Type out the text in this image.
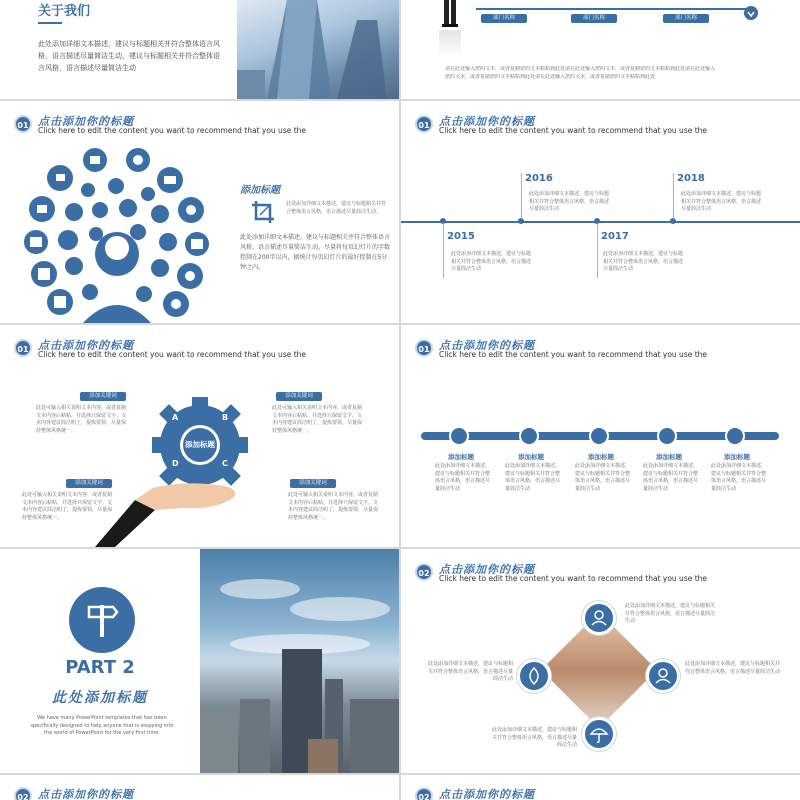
关于我们
此处添加详细文本描述，建议与标题相关并符合整体语言风格，语言描述尽量简洁生动，建议与标题相关并符合整体语言风格，语言描述尽量简洁生动
部门名称	部门名称	部门名称
请在此处输入您的文本，或者复制您的文本粘贴到此处请在此处输入您的文本，或者复制您的文本粘贴到此处请在此处输入
您的文本，或者复制您的文本粘贴到此处请在此处输入您的文本，或者复制您的文本粘贴到此处
01 点击添加你的标题
Click here to edit the content you want to recommend that you use the
添加标题
此处添加详细文本描述，建议与标题相关并符合整体语言风格，语言描述尽量简洁生动。
此处添加详细文本描述，建议与标题相关并符合整体语言风格，语言描述尽量简洁生动。尽量将每页幻灯片的字数控制在200字以内，据统计每页幻灯片的最好控制在5分钟之内。
01 点击添加你的标题
Click here to edit the content you want to recommend that you use the
2016	2018
2015	2017
此处添加详细文本描述，建议与标题相关并符合整体语言风格，语言描述尽量简洁生动
此处添加详细文本描述，建议与标题相关并符合整体语言风格，语言描述尽量简洁生动
此处添加详细文本描述，建议与标题相关并符合整体语言风格，语言描述尽量简洁生动
此处添加详细文本描述，建议与标题相关并符合整体语言风格，语言描述尽量简洁生动
01 点击添加你的标题
Click here to edit the content you want to recommend that you use the
添加标题
A	B
C
D
添加关键词	添加关键词
添加关键词	添加关键词
此处可输入相关说明文本内容，或者复制文本内容后粘贴，并选择只保留文字。文本内容建议简洁明了，提炼要领，尽量保持整体风格统一。
此处可输入相关说明文本内容，或者复制文本内容后粘贴，并选择只保留文字。文本内容建议简洁明了，提炼要领，尽量保持整体风格统一。
此处可输入相关说明文本内容，或者复制文本内容后粘贴，并选择只保留文字。文本内容建议简洁明了，提炼要领，尽量保持整体风格统一。
此处可输入相关说明文本内容，或者复制文本内容后粘贴，并选择只保留文字。文本内容建议简洁明了，提炼要领，尽量保持整体风格统一。
01 点击添加你的标题
Click here to edit the content you want to recommend that you use the
添加标题	添加标题	添加标题	添加标题	添加标题
此处添加详细文本描述，建议与标题相关并符合整体语言风格，语言描述尽量简洁生动
此处添加详细文本描述，建议与标题相关并符合整体语言风格，语言描述尽量简洁生动
此处添加详细文本描述，建议与标题相关并符合整体语言风格，语言描述尽量简洁生动
此处添加详细文本描述，建议与标题相关并符合整体语言风格，语言描述尽量简洁生动
此处添加详细文本描述，建议与标题相关并符合整体语言风格，语言描述尽量简洁生动
PART 2
此处添加标题
We have many PowerPoint templates that has been specifically designed to help anyone that is stepping into the world of PowerPoint for the very first time.
02 点击添加你的标题
Click here to edit the content you want to recommend that you use the
此处添加详细文本描述，建议与标题相关并符合整体语言风格，语言描述尽量简洁生动
此处添加详细文本描述，建议与标题相关并符合整体语言风格，语言描述尽量简洁生动
此处添加详细文本描述，建议与标题相关并符合整体语言风格，语言描述尽量简洁生动
此处添加详细文本描述，建议与标题相关并符合整体语言风格，语言描述尽量简洁生动
02 点击添加你的标题	02 点击添加你的标题
